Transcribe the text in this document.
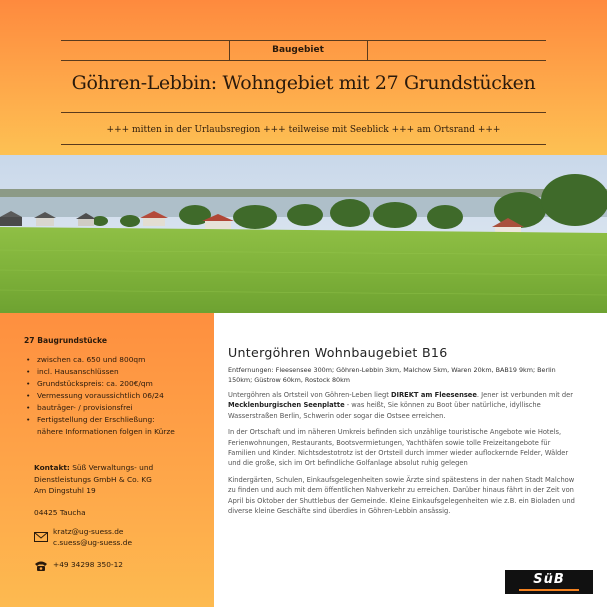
Baugebiet
Göhren-Lebbin: Wohngebiet mit 27 Grundstücken
+++ mitten in der Urlaubsregion +++ teilweise mit Seeblick +++ am Ortsrand +++
27 Baugrundstücke
• zwischen ca. 650 und 800qm
• incl. Hausanschlüssen
• Grundstückspreis: ca. 200€/qm
• Vermessung voraussichtlich 06/24
• bauträger- / provisionsfrei
• Fertigstellung der Erschließung:
nähere Informationen folgen in Kürze
Kontakt: Süß Verwaltungs- und Dienstleistungs GmbH & Co. KG
Am Dingstuhl 19
04425 Taucha
kratz@ug-suess.de
c.suess@ug-suess.de
+49 34298 350-12
Untergöhren Wohnbaugebiet B16

Entfernungen: Fleesensee 300m; Göhren-Lebbin 3km, Malchow 5km, Waren 20km, BAB19 9km; Berlin 150km; Güstrow 60km, Rostock 80km

Untergöhren als Ortsteil von Göhren-Leben liegt DIREKT am Fleesensee. Jener ist verbunden mit der Mecklenburgischen Seenplatte - was heißt, Sie können zu Boot über natürliche, idyllische Wasserstraßen Berlin, Schwerin oder sogar die Ostsee erreichen.

In der Ortschaft und im näheren Umkreis befinden sich unzählige touristische Angebote wie Hotels, Ferienwohnungen, Restaurants, Bootsvermietungen, Yachthäfen sowie tolle Freizeitangebote für Familien und Kinder. Nichtsdestotrotz ist der Ortsteil durch immer wieder auflockernde Felder, Wälder und die große, sich im Ort befindliche Golfanlage absolut ruhig gelegen

Kindergärten, Schulen, Einkaufsgelegenheiten sowie Ärzte sind spätestens in der nahen Stadt Malchow zu finden und auch mit dem öffentlichen Nahverkehr zu erreichen. Darüber hinaus fährt in der Zeit von April bis Oktober der Shuttlebus der Gemeinde. Kleine Einkaufsgelegenheiten wie z.B. ein Bioladen und diverse kleine Geschäfte sind überdies in Göhren-Lebbin ansässig.

SüB
